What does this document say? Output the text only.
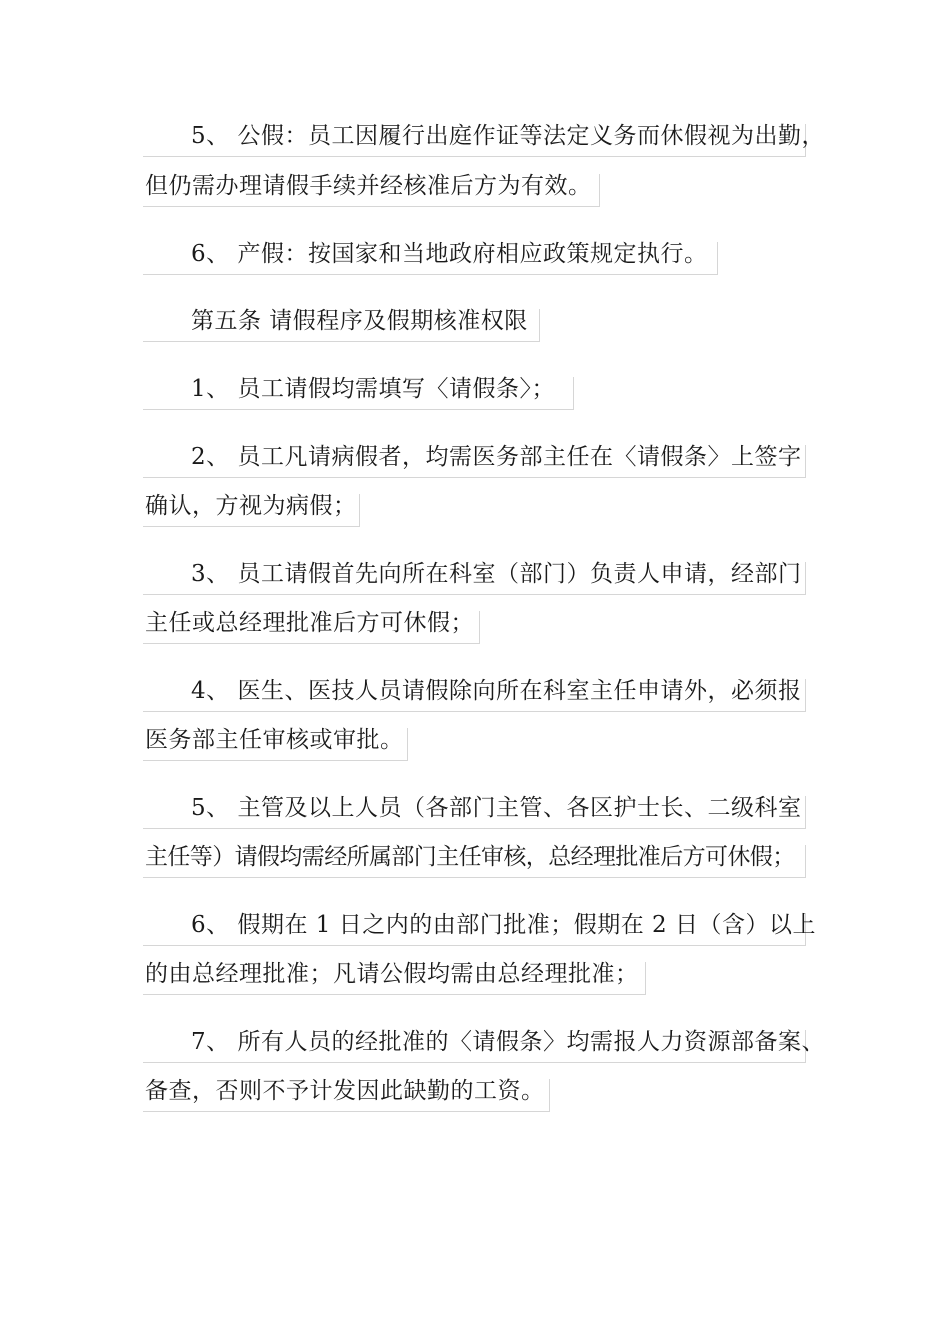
5、 公假：员工因履行出庭作证等法定义务而休假视为出勤，
但仍需办理请假手续并经核准后方为有效。
6、 产假：按国家和当地政府相应政策规定执行。
第五条 请假程序及假期核准权限
1、 员工请假均需填写〈请假条〉；
2、 员工凡请病假者，均需医务部主任在〈请假条〉上签字
确认，方视为病假；
3、 员工请假首先向所在科室（部门）负责人申请，经部门
主任或总经理批准后方可休假；
4、 医生、医技人员请假除向所在科室主任申请外，必须报
医务部主任审核或审批。
5、 主管及以上人员（各部门主管、各区护士长、二级科室
主任等）请假均需经所属部门主任审核，总经理批准后方可休假；
6、 假期在 1 日之内的由部门批准；假期在 2 日（含）以上
的由总经理批准；凡请公假均需由总经理批准；
7、 所有人员的经批准的〈请假条〉均需报人力资源部备案、
备查，否则不予计发因此缺勤的工资。
